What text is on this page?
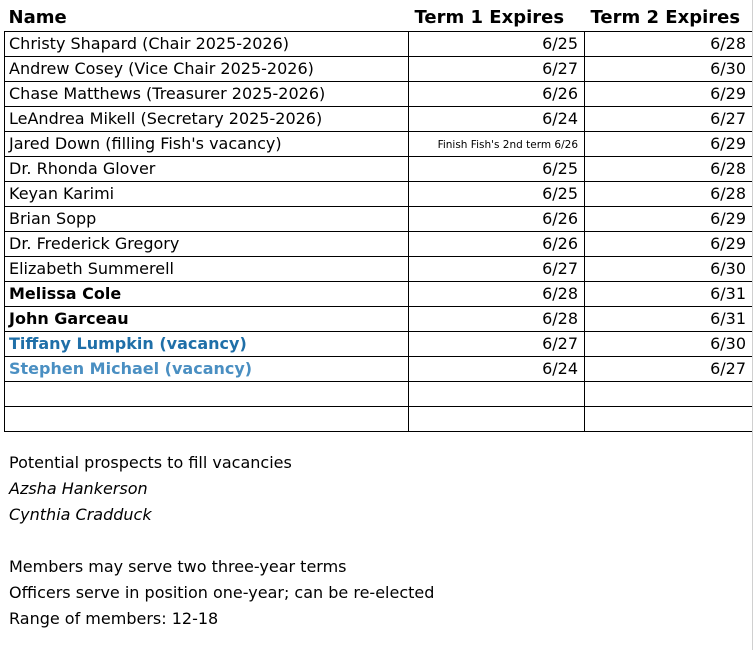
Name	Term 1 Expires	Term 2 Expires
Christy Shapard (Chair 2025-2026)	6/25	6/28
Andrew Cosey (Vice Chair 2025-2026)	6/27	6/30
Chase Matthews (Treasurer 2025-2026)	6/26	6/29
LeAndrea Mikell (Secretary 2025-2026)	6/24	6/27
Jared Down (filling Fish's vacancy)	Finish Fish's 2nd term 6/26	6/29
Dr. Rhonda Glover	6/25	6/28
Keyan Karimi	6/25	6/28
Brian Sopp	6/26	6/29
Dr. Frederick Gregory	6/26	6/29
Elizabeth Summerell	6/27	6/30
Melissa Cole	6/28	6/31
John Garceau	6/28	6/31
Tiffany Lumpkin (vacancy)	6/27	6/30
Stephen Michael (vacancy)	6/24	6/27

Potential prospects to fill vacancies
Azsha Hankerson
Cynthia Cradduck
Members may serve two three-year terms
Officers serve in position one-year; can be re-elected
Range of members: 12-18
